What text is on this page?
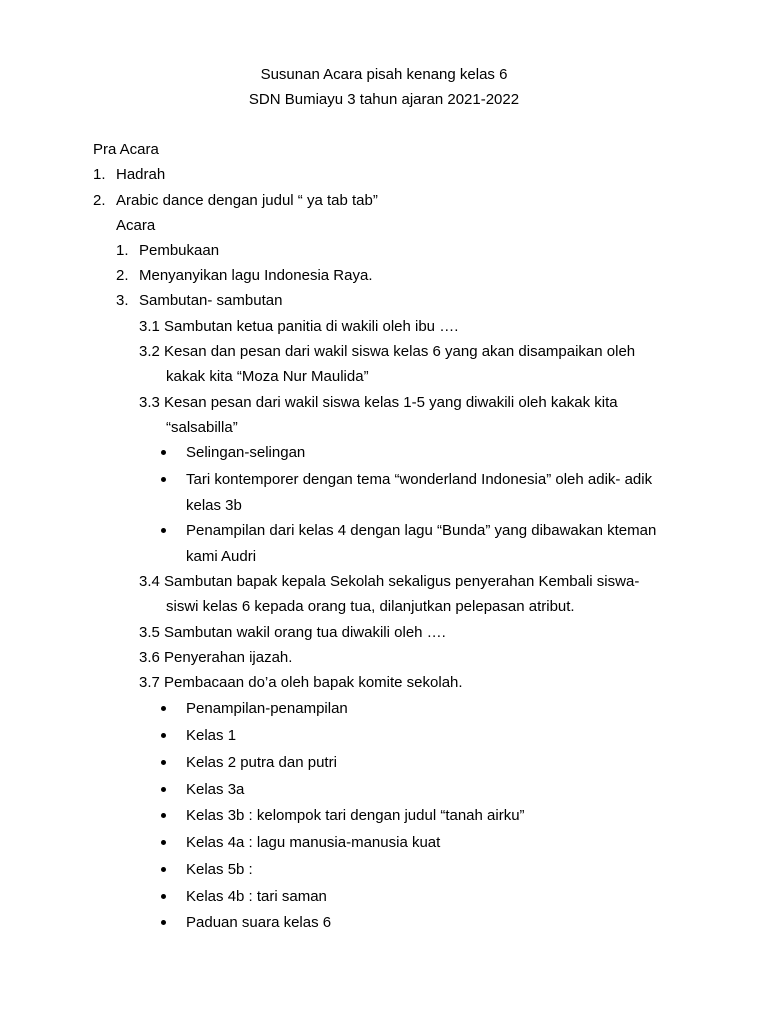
Susunan Acara pisah kenang kelas 6
SDN Bumiayu 3 tahun ajaran 2021-2022
Pra Acara
1. Hadrah
2. Arabic dance dengan judul “ ya tab tab”
Acara
1. Pembukaan
2. Menyanyikan lagu Indonesia Raya.
3. Sambutan- sambutan
3.1 Sambutan ketua panitia di wakili oleh ibu ….
3.2 Kesan dan pesan dari wakil siswa kelas 6 yang akan disampaikan oleh
kakak kita “Moza Nur Maulida”
3.3 Kesan pesan dari wakil siswa kelas 1-5 yang diwakili oleh kakak kita
“salsabilla”
Selingan-selingan
Tari kontemporer dengan tema “wonderland Indonesia” oleh adik- adik
kelas 3b
Penampilan dari kelas 4 dengan lagu “Bunda” yang dibawakan kteman
kami Audri
3.4 Sambutan bapak kepala Sekolah sekaligus penyerahan Kembali siswa-
siswi kelas 6 kepada orang tua, dilanjutkan pelepasan atribut.
3.5 Sambutan wakil orang tua diwakili oleh ….
3.6 Penyerahan ijazah.
3.7 Pembacaan do’a oleh bapak komite sekolah.
Penampilan-penampilan
Kelas 1
Kelas 2 putra dan putri
Kelas 3a
Kelas 3b : kelompok tari dengan judul “tanah airku”
Kelas 4a : lagu manusia-manusia kuat
Kelas 5b :
Kelas 4b : tari saman
Paduan suara kelas 6
